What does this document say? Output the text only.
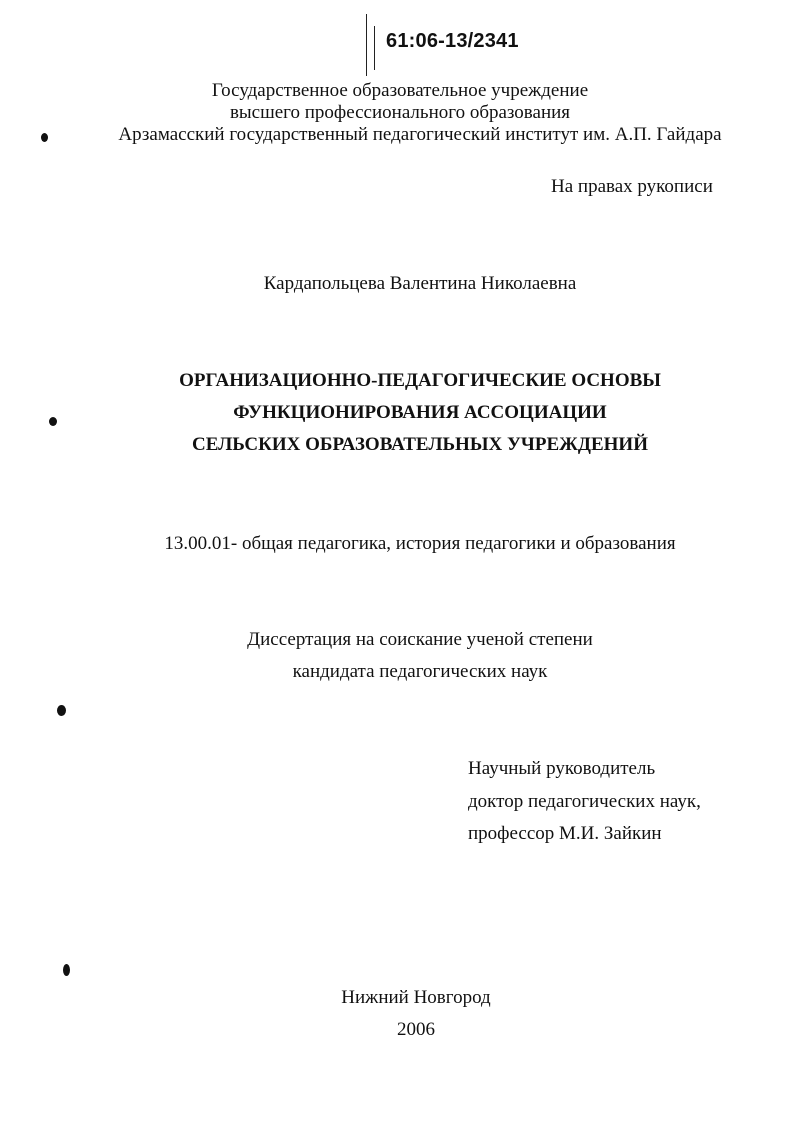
61:06-13/2341
Государственное образовательное учреждение
высшего профессионального образования
Арзамасский государственный педагогический институт им. А.П. Гайдара
На правах рукописи
Кардапольцева Валентина Николаевна
ОРГАНИЗАЦИОННО-ПЕДАГОГИЧЕСКИЕ ОСНОВЫ
ФУНКЦИОНИРОВАНИЯ АССОЦИАЦИИ
СЕЛЬСКИХ ОБРАЗОВАТЕЛЬНЫХ УЧРЕЖДЕНИЙ
13.00.01- общая педагогика, история педагогики и образования
Диссертация на соискание ученой степени
кандидата педагогических наук
Научный руководитель
доктор педагогических наук,
профессор М.И. Зайкин
Нижний Новгород
2006
